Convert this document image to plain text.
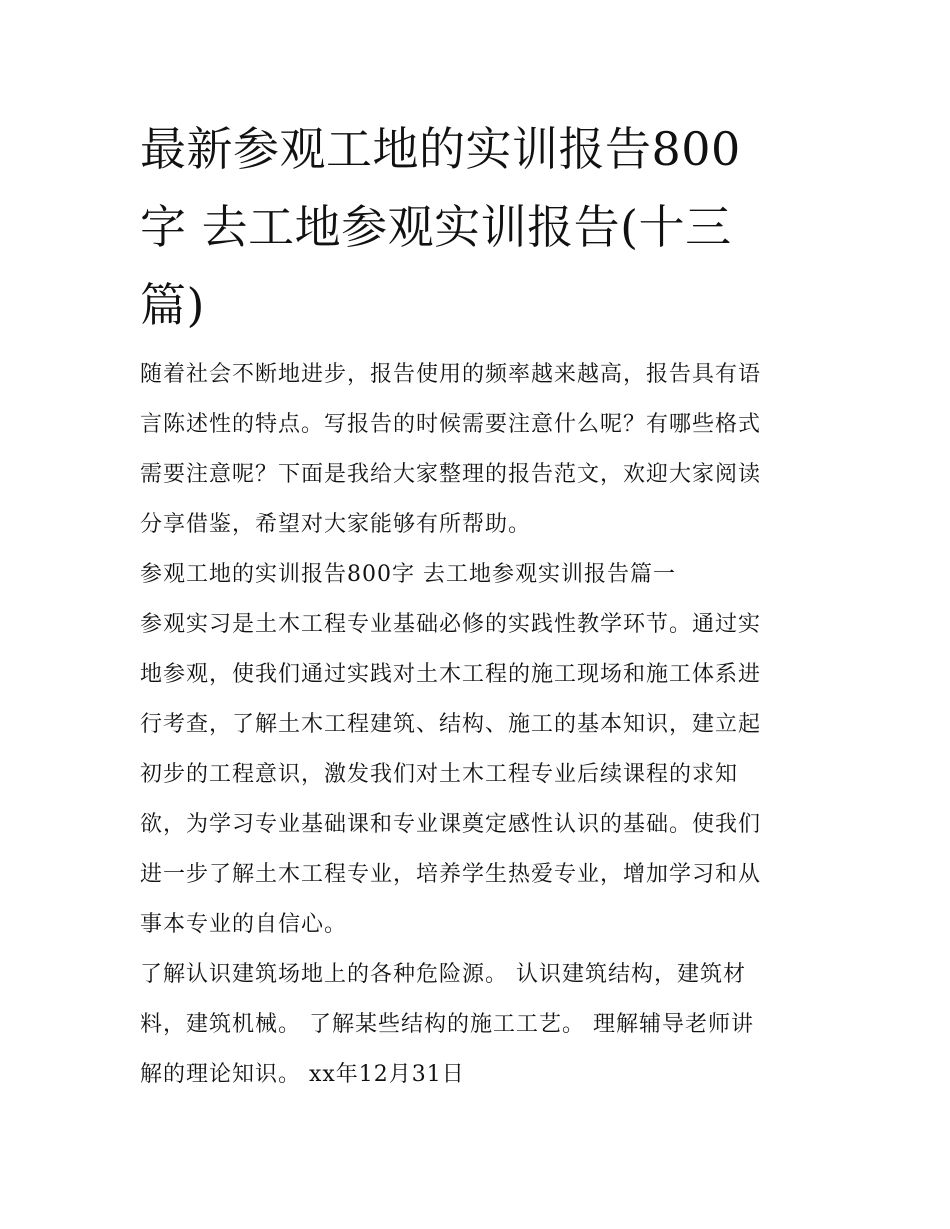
最新参观工地的实训报告800
字 去工地参观实训报告(十三
篇)

随着社会不断地进步，报告使用的频率越来越高，报告具有语
言陈述性的特点。写报告的时候需要注意什么呢？有哪些格式
需要注意呢？下面是我给大家整理的报告范文，欢迎大家阅读
分享借鉴，希望对大家能够有所帮助。

参观工地的实训报告800字 去工地参观实训报告篇一

参观实习是土木工程专业基础必修的实践性教学环节。通过实
地参观，使我们通过实践对土木工程的施工现场和施工体系进
行考查，了解土木工程建筑、结构、施工的基本知识，建立起
初步的工程意识，激发我们对土木工程专业后续课程的求知
欲，为学习专业基础课和专业课奠定感性认识的基础。使我们
进一步了解土木工程专业，培养学生热爱专业，增加学习和从
事本专业的自信心。

了解认识建筑场地上的各种危险源。 认识建筑结构，建筑材
料，建筑机械。 了解某些结构的施工工艺。 理解辅导老师讲
解的理论知识。 xx年12月31日
